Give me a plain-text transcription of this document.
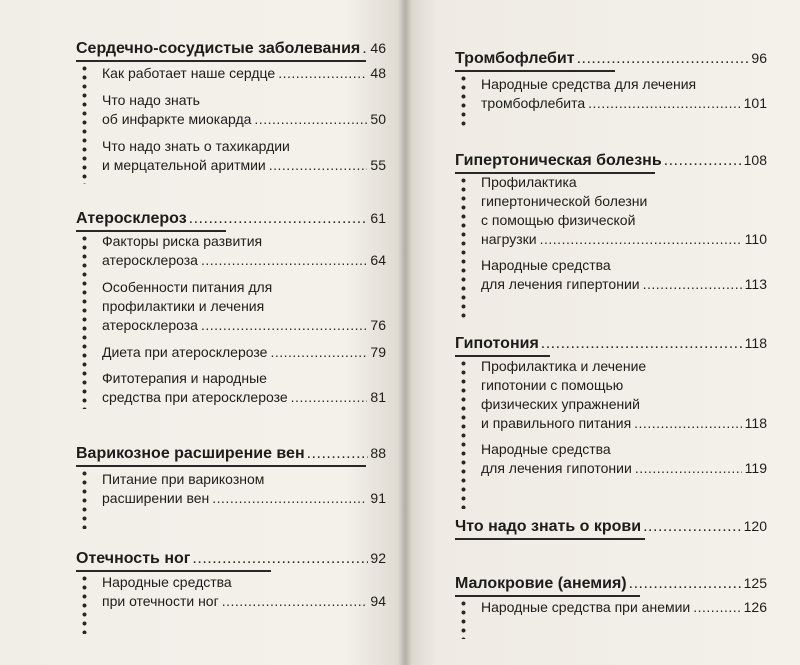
Сердечно-сосудистые заболевания ..... 46
Как работает наше сердце .....	48
Что надо знать
об инфаркте миокарда .....	50
Что надо знать о тахикардии
и мерцательной аритмии .....	55
Атеросклероз .....	61
Факторы риска развития
атеросклероза .....	64
Особенности питания для
профилактики и лечения
атеросклероза .....	76
Диета при атеросклерозе .....	79
Фитотерапия и народные
средства при атеросклерозе .....	81
Варикозное расширение вен .....	88
Питание при варикозном
расширении вен .....	91
Отечность ног .....	92
Народные средства
при отечности ног .....	94
Тромбофлебит .....	96
Народные средства для лечения
тромбофлебита .....	101
Гипертоническая болезнь .....	108
Профилактика
гипертонической болезни
с помощью физической
нагрузки .....	110
Народные средства
для лечения гипертонии .....	113
Гипотония .....	118
Профилактика и лечение
гипотонии с помощью
физических упражнений
и правильного питания .....	118
Народные средства
для лечения гипотонии .....	119
Что надо знать о крови .....	120
Малокровие (анемия) .....	125
Народные средства при анемии .....	126
